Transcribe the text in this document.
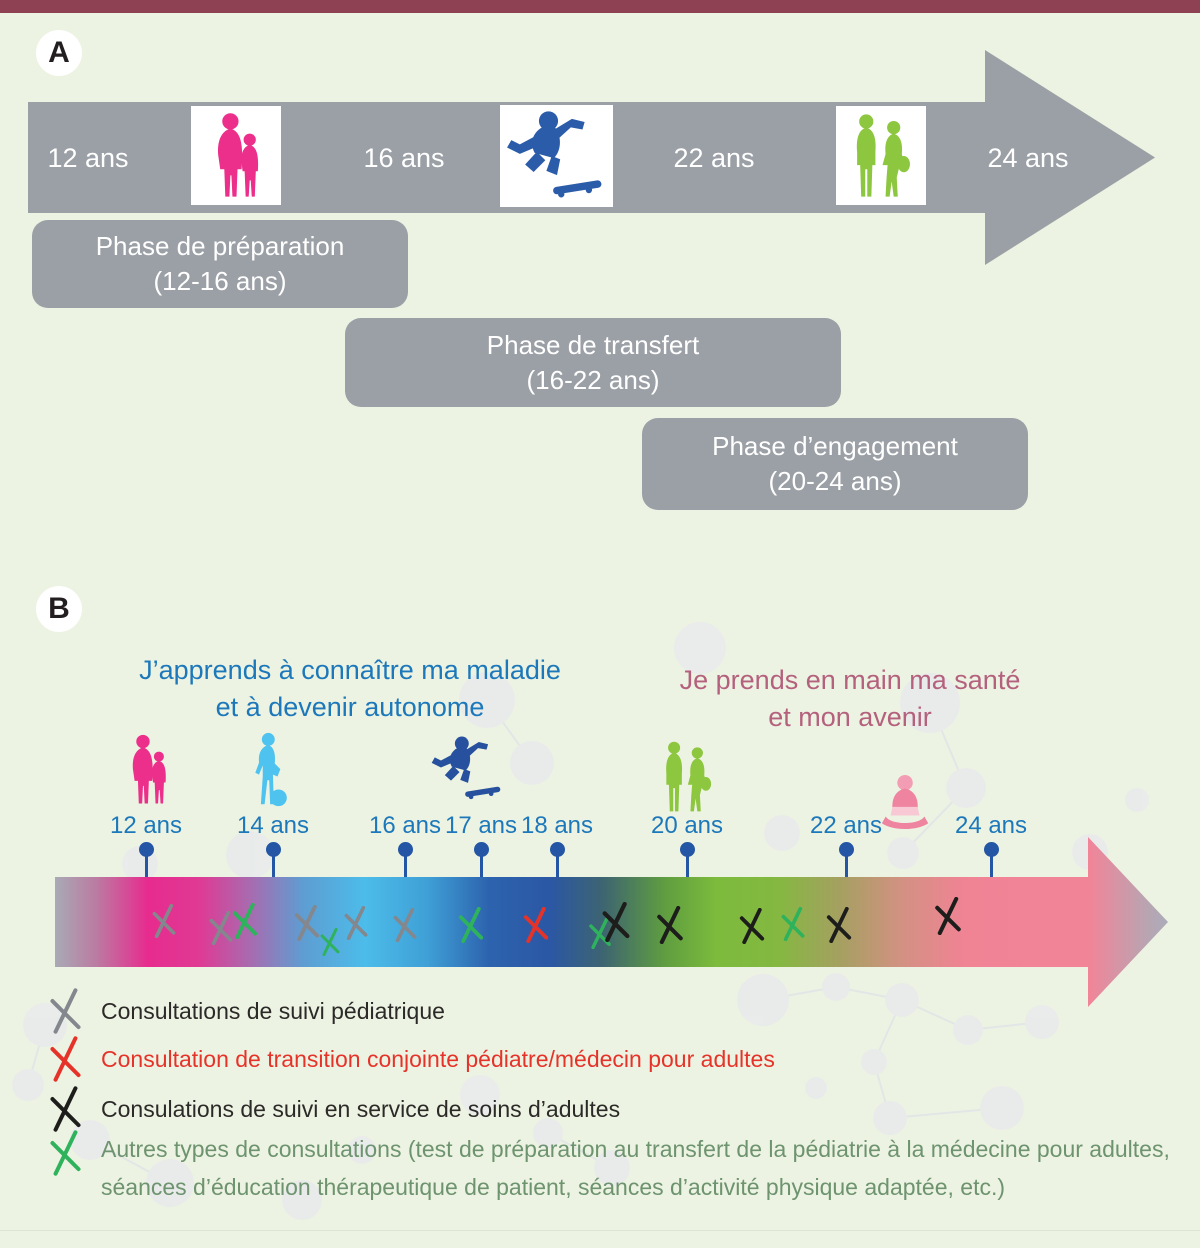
A
12 ans	16 ans	22 ans	24 ans
Phase de préparation
(12-16 ans)
Phase de transfert
(16-22 ans)
Phase d’engagement
(20-24 ans)
B
J’apprends à connaître ma maladie
et à devenir autonome
Je prends en main ma santé
et mon avenir
12 ans 14 ans 16 ans 17 ans 18 ans 20 ans	22 ans	24 ans
Consultations de suivi pédiatrique
Consultation de transition conjointe pédiatre/médecin pour adultes
Consulations de suivi en service de soins d’adultes
Autres types de consultations (test de préparation au transfert de la pédiatrie à la médecine pour adultes, séances d’éducation thérapeutique de patient, séances d’activité physique adaptée, etc.)
